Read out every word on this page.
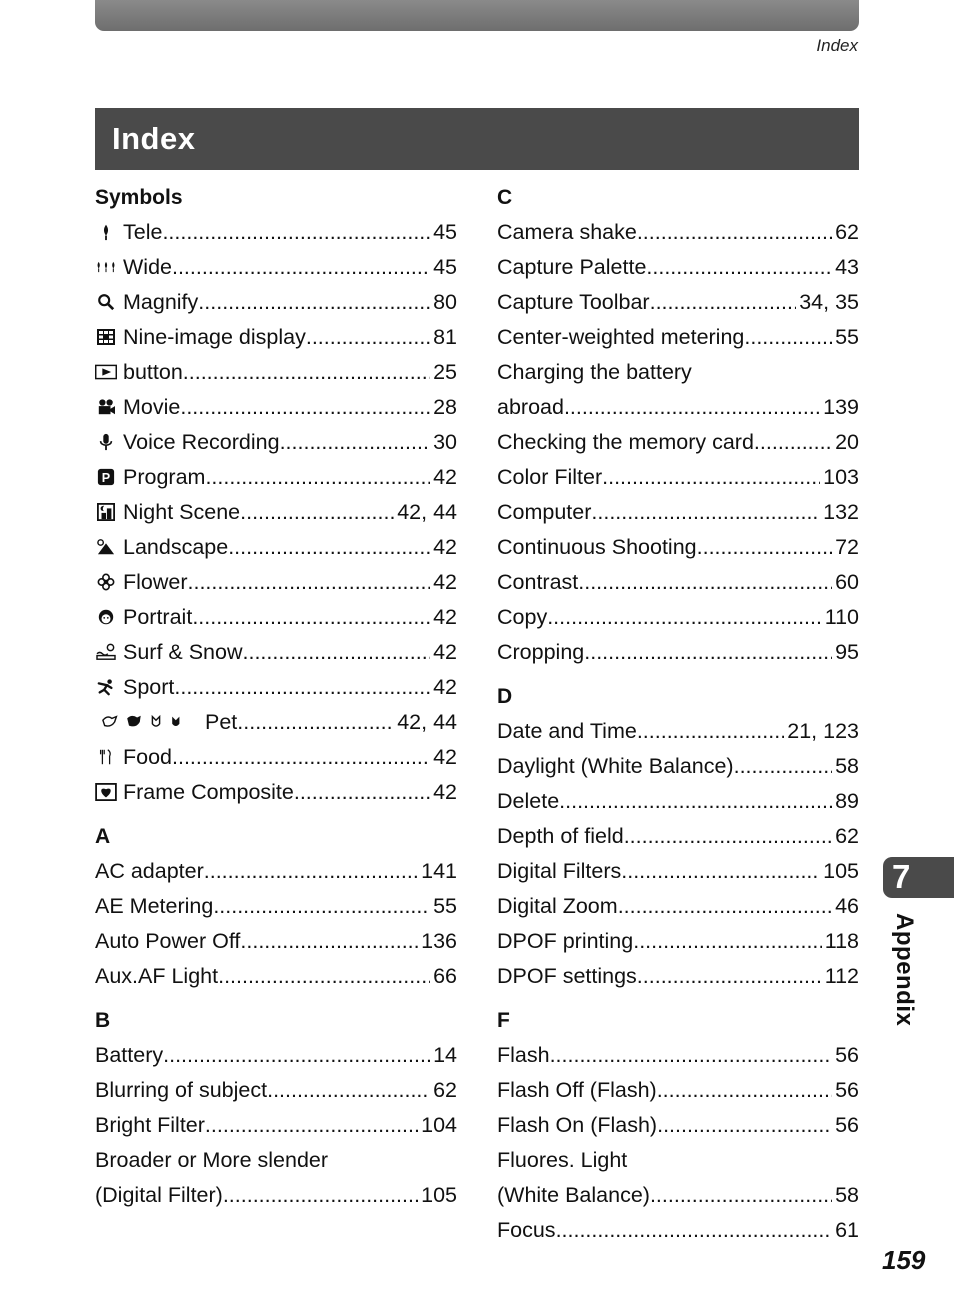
Index
Index
Symbols
Tele .....	45
Wide .....	45
Magnify .....	80
Nine-image display .....	81
button .....	25
Movie .....	28
Voice Recording .....	30
P Program .....	42
Night Scene .....	42, 44
Landscape .....	42
Flower .....	42
Portrait .....	42
Surf & Snow .....	42
Sport .....	42
Pet .....	42, 44
Food .....	42
Frame Composite .....	42
A
AC adapter .....	141
AE Metering .....	55
Auto Power Off .....	136
Aux.AF Light .....	66
B
Battery .....	14
Blurring of subject .....	62
Bright Filter .....	104
Broader or More slender
(Digital Filter) .....	105
C
Camera shake .....	62
Capture Palette .....	43
Capture Toolbar .....	34, 35
Center-weighted metering .....	55
Charging the battery
abroad .....	139
Checking the memory card .....	20
Color Filter .....	103
Computer .....	132
Continuous Shooting .....	72
Contrast .....	60
Copy .....	110
Cropping .....	95
D
Date and Time .....	21, 123
Daylight (White Balance) .....	58
Delete .....	89
Depth of field .....	62
Digital Filters .....	105
Digital Zoom .....	46
DPOF printing .....	118
DPOF settings .....	112
F
Flash .....	56
Flash Off (Flash) .....	56
Flash On (Flash) .....	56
Fluores. Light
(White Balance) .....	58
Focus .....	61
7
Appendix
159
